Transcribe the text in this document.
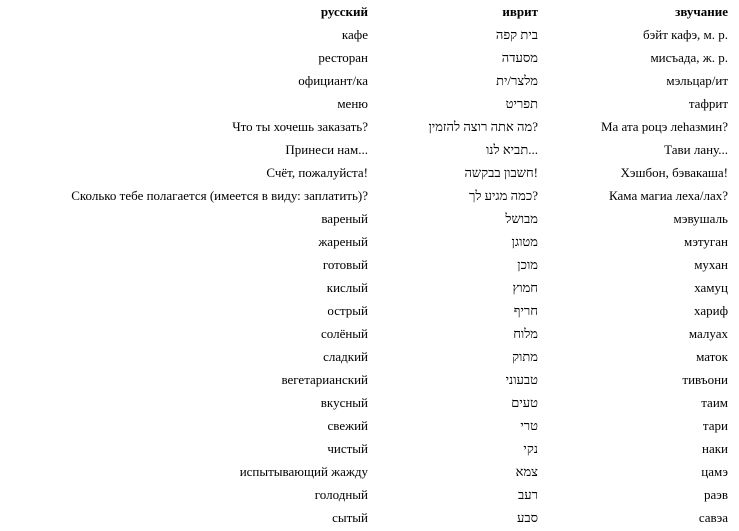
русский	иврит	звучание
кафе	בית קפה	бэйт кафэ, м. р.
ресторан	מסעדה	мисъада, ж. р.
официант/ка	מלצר/ית	мэльцар/ит
меню	תפריט	тафрит
Что ты хочешь заказать?	?מה אתה רוצה להזמין	Ма ата роцэ леhазмин?
Принеси нам...	...תביא לנו	Тави лану...
Счёт, пожалуйста!	!חשבון בבקשה	Хэшбон, бэвакаша!
Сколько тебе полагается (имеется в виду: заплатить)?	?כמה מגיע לך	Кама магиа леха/лах?
вареный	מבושל	мэвушаль
жареный	מטוגן	мэтуган
готовый	מוכן	мухан
кислый	חמוץ	хамуц
острый	חריף	хариф
солёный	מלוח	малуах
сладкий	מתוק	маток
вегетарианский	טבעוני	тивъони
вкусный	טעים	таим
свежий	טרי	тари
чистый	נקי	наки
испытывающий жажду	צמא	цамэ
голодный	רעב	раэв
сытый	סבע	савэа
